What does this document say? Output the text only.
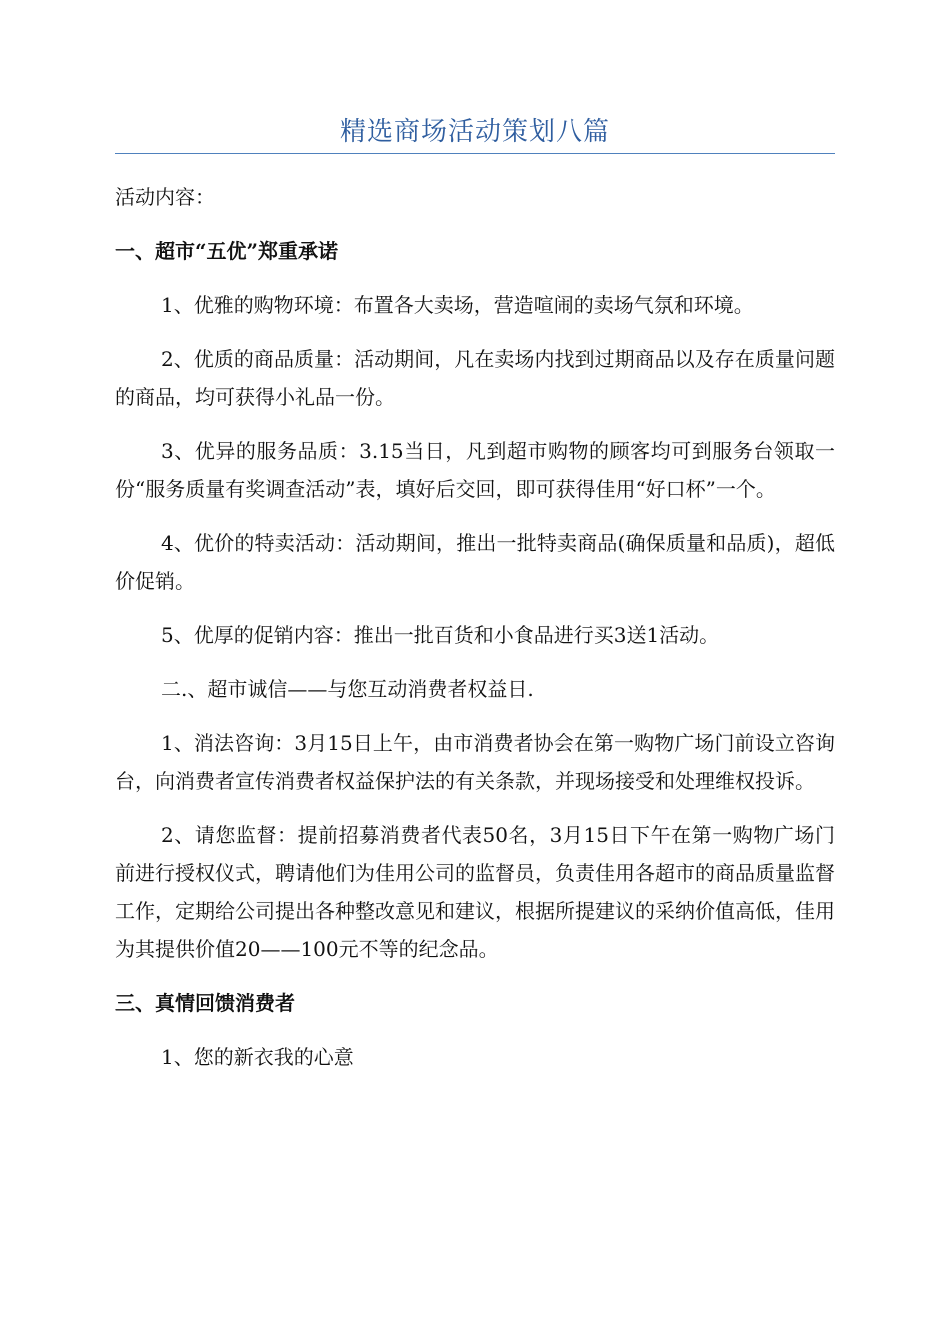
精选商场活动策划八篇

活动内容：

一、超市“五优”郑重承诺

1、优雅的购物环境：布置各大卖场，营造喧闹的卖场气氛和环境。

2、优质的商品质量：活动期间，凡在卖场内找到过期商品以及存在质量问题的商品，均可获得小礼品一份。

3、优异的服务品质：3.15当日，凡到超市购物的顾客均可到服务台领取一份“服务质量有奖调查活动”表，填好后交回，即可获得佳用“好口杯”一个。

4、优价的特卖活动：活动期间，推出一批特卖商品(确保质量和品质)，超低价促销。

5、优厚的促销内容：推出一批百货和小食品进行买3送1活动。

二.、超市诚信——与您互动消费者权益日.

1、消法咨询：3月15日上午，由市消费者协会在第一购物广场门前设立咨询台，向消费者宣传消费者权益保护法的有关条款，并现场接受和处理维权投诉。

2、请您监督：提前招募消费者代表50名，3月15日下午在第一购物广场门前进行授权仪式，聘请他们为佳用公司的监督员，负责佳用各超市的商品质量监督工作，定期给公司提出各种整改意见和建议，根据所提建议的采纳价值高低，佳用为其提供价值20——100元不等的纪念品。

三、真情回馈消费者

1、您的新衣我的心意
